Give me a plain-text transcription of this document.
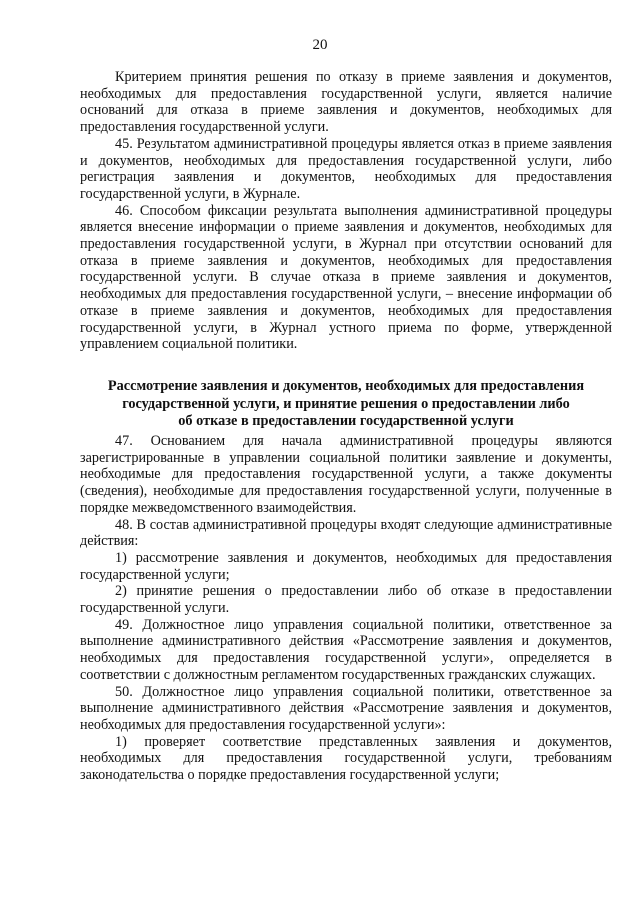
20

Критерием принятия решения по отказу в приеме заявления и документов, необходимых для предоставления государственной услуги, является наличие оснований для отказа в приеме заявления и документов, необходимых для предоставления государственной услуги.

45. Результатом административной процедуры является отказ в приеме заявления и документов, необходимых для предоставления государственной услуги, либо регистрация заявления и документов, необходимых для предоставления государственной услуги, в Журнале.

46. Способом фиксации результата выполнения административной процедуры является внесение информации о приеме заявления и документов, необходимых для предоставления государственной услуги, в Журнал при отсутствии оснований для отказа в приеме заявления и документов, необходимых для предоставления государственной услуги. В случае отказа в приеме заявления и документов, необходимых для предоставления государственной услуги, – внесение информации об отказе в приеме заявления и документов, необходимых для предоставления государственной услуги, в Журнал устного приема по форме, утвержденной управлением социальной политики.

Рассмотрение заявления и документов, необходимых для предоставления
государственной услуги, и принятие решения о предоставлении либо
об отказе в предоставлении государственной услуги

47. Основанием для начала административной процедуры являются зарегистрированные в управлении социальной политики заявление и документы, необходимые для предоставления государственной услуги, а также документы (сведения), необходимые для предоставления государственной услуги, полученные в порядке межведомственного взаимодействия.

48. В состав административной процедуры входят следующие административные действия:

1) рассмотрение заявления и документов, необходимых для предоставления государственной услуги;

2) принятие решения о предоставлении либо об отказе в предоставлении государственной услуги.

49. Должностное лицо управления социальной политики, ответственное за выполнение административного действия «Рассмотрение заявления и документов, необходимых для предоставления государственной услуги», определяется в соответствии с должностным регламентом государственных гражданских служащих.

50. Должностное лицо управления социальной политики, ответственное за выполнение административного действия «Рассмотрение заявления и документов, необходимых для предоставления государственной услуги»:

1) проверяет соответствие представленных заявления и документов, необходимых для предоставления государственной услуги, требованиям законодательства о порядке предоставления государственной услуги;
